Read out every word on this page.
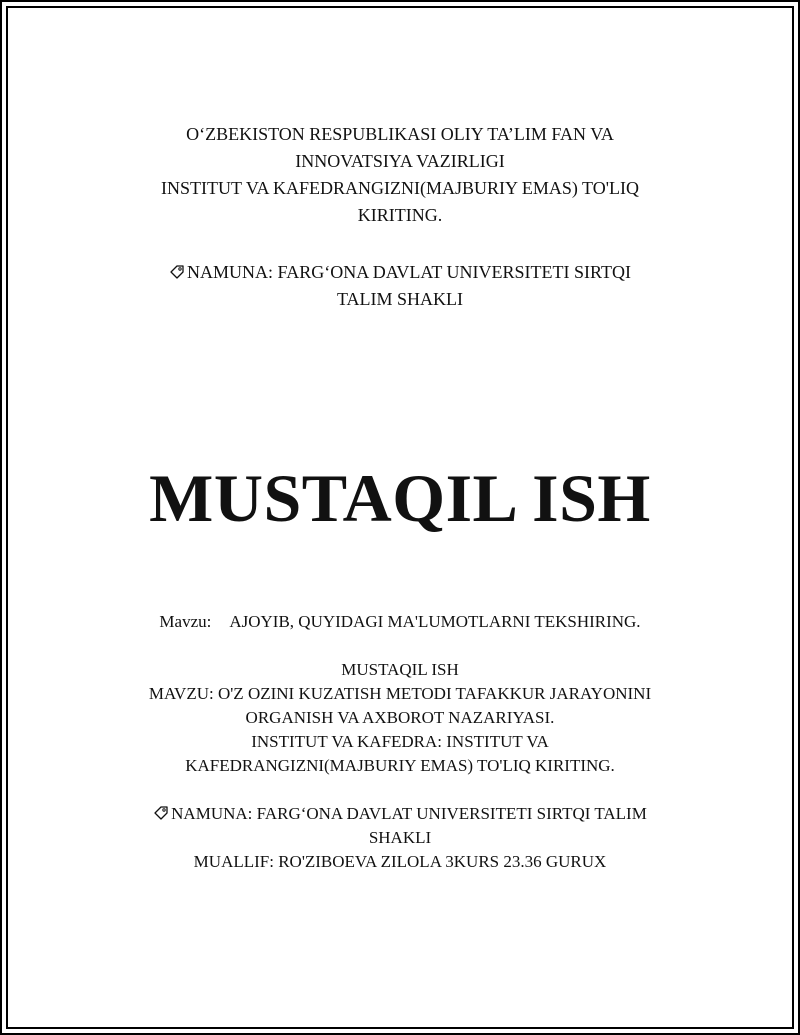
O‘ZBEKISTON RESPUBLIKASI OLIY TA’LIM FAN VA

INNOVATSIYA VAZIRLIGI

INSTITUT VA KAFEDRANGIZNI(MAJBURIY EMAS) TO'LIQ

KIRITING.

NAMUNA: FARG‘ONA DAVLAT UNIVERSITETI SIRTQI

TALIM SHAKLI

MUSTAQIL ISH
Mavzu: AJOYIB, QUYIDAGI MA'LUMOTLARNI TEKSHIRING.

MUSTAQIL ISH

MAVZU: O'Z OZINI KUZATISH METODI TAFAKKUR JARAYONINI

ORGANISH VA AXBOROT NAZARIYASI.

INSTITUT VA KAFEDRA: INSTITUT VA

KAFEDRANGIZNI(MAJBURIY EMAS) TO'LIQ KIRITING.

NAMUNA: FARG‘ONA DAVLAT UNIVERSITETI SIRTQI TALIM

SHAKLI

MUALLIF: RO'ZIBOEVA ZILOLA 3KURS 23.36 GURUX
